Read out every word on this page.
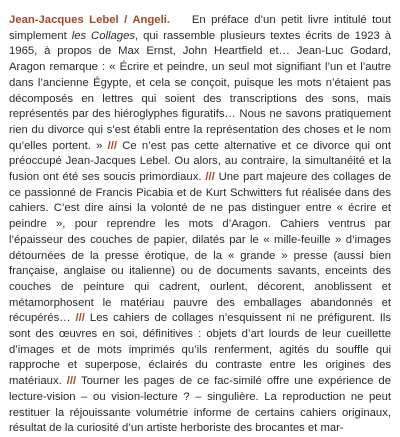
Jean-Jacques Lebel / Angeli. En préface d’un petit livre intitulé tout simplement les Collages, qui rassemble plusieurs textes écrits de 1923 à 1965, à propos de Max Ernst, John Heartfield et… Jean-Luc Godard, Aragon remarque : « Écrire et peindre, un seul mot signifiant l’un et l’autre dans l’ancienne Égypte, et cela se conçoit, puisque les mots n’étaient pas décomposés en lettres qui soient des transcriptions des sons, mais représentés par des hiéroglyphes figuratifs… Nous ne savons pratiquement rien du divorce qui s’est établi entre la représentation des choses et le nom qu’elles portent. » /// Ce n’est pas cette alternative et ce divorce qui ont préoccupé Jean-Jacques Lebel. Ou alors, au contraire, la simultanéité et la fusion ont été ses soucis primordiaux. /// Une part majeure des collages de ce passionné de Francis Picabia et de Kurt Schwitters fut réalisée dans des cahiers. C’est dire ainsi la volonté de ne pas distinguer entre « écrire et peindre », pour reprendre les mots d’Aragon. Cahiers ventrus par l’épaisseur des couches de papier, dilatés par le « mille-feuille » d’images détournées de la presse érotique, de la « grande » presse (aussi bien française, anglaise ou italienne) ou de documents savants, enceints des couches de peinture qui cadrent, ourlent, décorent, anoblissent et métamorphosent le matériau pauvre des emballages abandonnés et récupérés… /// Les cahiers de collages n’esquissent ni ne préfigurent. Ils sont des œuvres en soi, définitives : objets d’art lourds de leur cueillette d’images et de mots imprimés qu’ils renferment, agités du souffle qui rapproche et superpose, éclairés du contraste entre les origines des matériaux. /// Tourner les pages de ce fac-similé offre une expérience de lecture-vision – ou vision-lecture ? – singulière. La reproduction ne peut restituer la réjouissante volumétrie informe de certains cahiers originaux, résultat de la curiosité d’un artiste herboriste des brocantes et mar-
